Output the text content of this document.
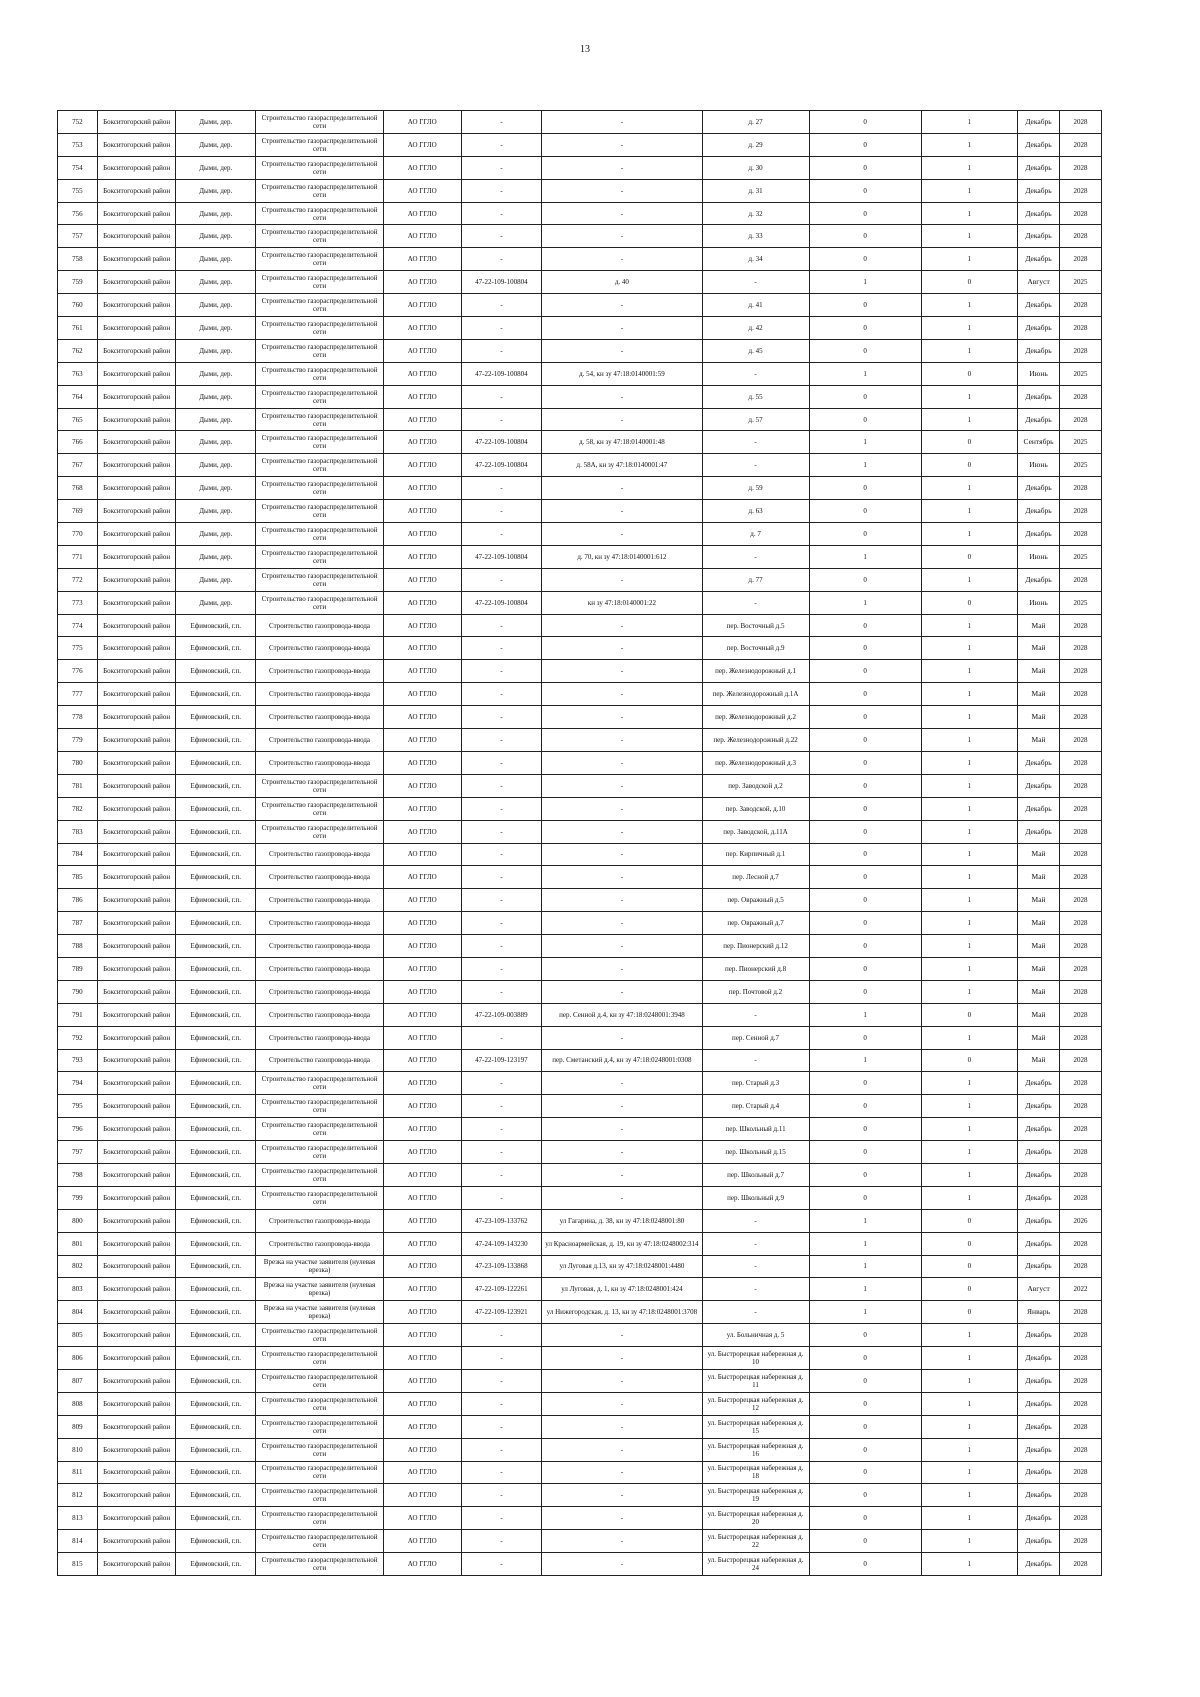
13
752	Бокситогорский район	Дыми, дер.	Строительство газораспределительной сети	АО ГГЛО	-	-	д. 27	0	1	Декабрь	2028
753	Бокситогорский район	Дыми, дер.	Строительство газораспределительной сети	АО ГГЛО	-	-	д. 29	0	1	Декабрь	2028
754	Бокситогорский район	Дыми, дер.	Строительство газораспределительной сети	АО ГГЛО	-	-	д. 30	0	1	Декабрь	2028
755	Бокситогорский район	Дыми, дер.	Строительство газораспределительной сети	АО ГГЛО	-	-	д. 31	0	1	Декабрь	2028
756	Бокситогорский район	Дыми, дер.	Строительство газораспределительной сети	АО ГГЛО	-	-	д. 32	0	1	Декабрь	2028
757	Бокситогорский район	Дыми, дер.	Строительство газораспределительной сети	АО ГГЛО	-	-	д. 33	0	1	Декабрь	2028
758	Бокситогорский район	Дыми, дер.	Строительство газораспределительной сети	АО ГГЛО	-	-	д. 34	0	1	Декабрь	2028
759	Бокситогорский район	Дыми, дер.	Строительство газораспределительной сети	АО ГГЛО	47-22-109-100804	д. 40	-	1	0	Август	2025
760	Бокситогорский район	Дыми, дер.	Строительство газораспределительной сети	АО ГГЛО	-	-	д. 41	0	1	Декабрь	2028
761	Бокситогорский район	Дыми, дер.	Строительство газораспределительной сети	АО ГГЛО	-	-	д. 42	0	1	Декабрь	2028
762	Бокситогорский район	Дыми, дер.	Строительство газораспределительной сети	АО ГГЛО	-	-	д. 45	0	1	Декабрь	2028
763	Бокситогорский район	Дыми, дер.	Строительство газораспределительной сети	АО ГГЛО	47-22-109-100804	д. 54, кн зу 47:18:0140001:59	-	1	0	Июнь	2025
764	Бокситогорский район	Дыми, дер.	Строительство газораспределительной сети	АО ГГЛО	-	-	д. 55	0	1	Декабрь	2028
765	Бокситогорский район	Дыми, дер.	Строительство газораспределительной сети	АО ГГЛО	-	-	д. 57	0	1	Декабрь	2028
766	Бокситогорский район	Дыми, дер.	Строительство газораспределительной сети	АО ГГЛО	47-22-109-100804	д. 58, кн зу 47:18:0140001:48	-	1	0	Сентябрь	2025
767	Бокситогорский район	Дыми, дер.	Строительство газораспределительной сети	АО ГГЛО	47-22-109-100804	д. 58А, кн зу 47:18:0140001:47	-	1	0	Июнь	2025
768	Бокситогорский район	Дыми, дер.	Строительство газораспределительной сети	АО ГГЛО	-	-	д. 59	0	1	Декабрь	2028
769	Бокситогорский район	Дыми, дер.	Строительство газораспределительной сети	АО ГГЛО	-	-	д. 63	0	1	Декабрь	2028
770	Бокситогорский район	Дыми, дер.	Строительство газораспределительной сети	АО ГГЛО	-	-	д. 7	0	1	Декабрь	2028
771	Бокситогорский район	Дыми, дер.	Строительство газораспределительной сети	АО ГГЛО	47-22-109-100804	д. 70, кн зу 47:18:0140001:612	-	1	0	Июнь	2025
772	Бокситогорский район	Дыми, дер.	Строительство газораспределительной сети	АО ГГЛО	-	-	д. 77	0	1	Декабрь	2028
773	Бокситогорский район	Дыми, дер.	Строительство газораспределительной сети	АО ГГЛО	47-22-109-100804	кн зу 47:18:0140001:22	-	1	0	Июнь	2025
774	Бокситогорский район	Ефимовский, г.п.	Строительство газопровода-ввода	АО ГГЛО	-	-	пер. Восточный д.5	0	1	Май	2028
775	Бокситогорский район	Ефимовский, г.п.	Строительство газопровода-ввода	АО ГГЛО	-	-	пер. Восточный д.9	0	1	Май	2028
776	Бокситогорский район	Ефимовский, г.п.	Строительство газопровода-ввода	АО ГГЛО	-	-	пер. Железнодорожный д.1	0	1	Май	2028
777	Бокситогорский район	Ефимовский, г.п.	Строительство газопровода-ввода	АО ГГЛО	-	-	пер. Железнодорожный д.1А	0	1	Май	2028
778	Бокситогорский район	Ефимовский, г.п.	Строительство газопровода-ввода	АО ГГЛО	-	-	пер. Железнодорожный д.2	0	1	Май	2028
779	Бокситогорский район	Ефимовский, г.п.	Строительство газопровода-ввода	АО ГГЛО	-	-	пер. Железнодорожный д.22	0	1	Май	2028
780	Бокситогорский район	Ефимовский, г.п.	Строительство газопровода-ввода	АО ГГЛО	-	-	пер. Железнодорожный д.3	0	1	Декабрь	2028
781	Бокситогорский район	Ефимовский, г.п.	Строительство газораспределительной сети	АО ГГЛО	-	-	пер. Заводской д.2	0	1	Декабрь	2028
782	Бокситогорский район	Ефимовский, г.п.	Строительство газораспределительной сети	АО ГГЛО	-	-	пер. Заводской, д.10	0	1	Декабрь	2028
783	Бокситогорский район	Ефимовский, г.п.	Строительство газораспределительной сети	АО ГГЛО	-	-	пер. Заводской, д.11А	0	1	Декабрь	2028
784	Бокситогорский район	Ефимовский, г.п.	Строительство газопровода-ввода	АО ГГЛО	-	-	пер. Кирпичный д.1	0	1	Май	2028
785	Бокситогорский район	Ефимовский, г.п.	Строительство газопровода-ввода	АО ГГЛО	-	-	пер. Лесной д.7	0	1	Май	2028
786	Бокситогорский район	Ефимовский, г.п.	Строительство газопровода-ввода	АО ГГЛО	-	-	пер. Овражный д.5	0	1	Май	2028
787	Бокситогорский район	Ефимовский, г.п.	Строительство газопровода-ввода	АО ГГЛО	-	-	пер. Овражный д.7	0	1	Май	2028
788	Бокситогорский район	Ефимовский, г.п.	Строительство газопровода-ввода	АО ГГЛО	-	-	пер. Пионерский д.12	0	1	Май	2028
789	Бокситогорский район	Ефимовский, г.п.	Строительство газопровода-ввода	АО ГГЛО	-	-	пер. Пионерский д.8	0	1	Май	2028
790	Бокситогорский район	Ефимовский, г.п.	Строительство газопровода-ввода	АО ГГЛО	-	-	пер. Почтовой д.2	0	1	Май	2028
791	Бокситогорский район	Ефимовский, г.п.	Строительство газопровода-ввода	АО ГГЛО	47-22-109-003889	пер. Сенной д.4, кн зу 47:18:0248001:3948	-	1	0	Май	2028
792	Бокситогорский район	Ефимовский, г.п.	Строительство газопровода-ввода	АО ГГЛО	-	-	пер. Сенной д.7	0	1	Май	2028
793	Бокситогорский район	Ефимовский, г.п.	Строительство газопровода-ввода	АО ГГЛО	47-22-109-123197	пер. Сметанский д.4, кн зу 47:18:0248001:0308	-	1	0	Май	2028
794	Бокситогорский район	Ефимовский, г.п.	Строительство газораспределительной сети	АО ГГЛО	-	-	пер. Старый д.3	0	1	Декабрь	2028
795	Бокситогорский район	Ефимовский, г.п.	Строительство газораспределительной сети	АО ГГЛО	-	-	пер. Старый д.4	0	1	Декабрь	2028
796	Бокситогорский район	Ефимовский, г.п.	Строительство газораспределительной сети	АО ГГЛО	-	-	пер. Школьный д.11	0	1	Декабрь	2028
797	Бокситогорский район	Ефимовский, г.п.	Строительство газораспределительной сети	АО ГГЛО	-	-	пер. Школьный д.15	0	1	Декабрь	2028
798	Бокситогорский район	Ефимовский, г.п.	Строительство газораспределительной сети	АО ГГЛО	-	-	пер. Школьный д.7	0	1	Декабрь	2028
799	Бокситогорский район	Ефимовский, г.п.	Строительство газораспределительной сети	АО ГГЛО	-	-	пер. Школьный д.9	0	1	Декабрь	2028
800	Бокситогорский район	Ефимовский, г.п.	Строительство газопровода-ввода	АО ГГЛО	47-23-109-133762	ул Гагарина, д. 38, кн зу 47:18:0248001:80	-	1	0	Декабрь	2026
801	Бокситогорский район	Ефимовский, г.п.	Строительство газопровода-ввода	АО ГГЛО	47-24-109-143230	ул Красноармейская, д. 19, кн зу 47:18:0248002:314	-	1	0	Декабрь	2028
802	Бокситогорский район	Ефимовский, г.п.	Врезка на участке заявителя (нулевая врезка)	АО ГГЛО	47-23-109-133868	ул Луговая д.13, кн зу 47:18:0248001:4480	-	1	0	Декабрь	2028
803	Бокситогорский район	Ефимовский, г.п.	Врезка на участке заявителя (нулевая врезка)	АО ГГЛО	47-22-109-122261	ул Луговая, д. 1, кн зу 47:18:0248001:424	-	1	0	Август	2022
804	Бокситогорский район	Ефимовский, г.п.	Врезка на участке заявителя (нулевая врезка)	АО ГГЛО	47-22-109-123921	ул Нижегородская, д. 13, кн зу 47:18:0248001:3708	-	1	0	Январь	2028
805	Бокситогорский район	Ефимовский, г.п.	Строительство газораспределительной сети	АО ГГЛО	-	-	ул. Больничная д. 5	0	1	Декабрь	2028
806	Бокситогорский район	Ефимовский, г.п.	Строительство газораспределительной сети	АО ГГЛО	-	-	ул. Быстрорецкая набережная д. 10	0	1	Декабрь	2028
807	Бокситогорский район	Ефимовский, г.п.	Строительство газораспределительной сети	АО ГГЛО	-	-	ул. Быстрорецкая набережная д. 11	0	1	Декабрь	2028
808	Бокситогорский район	Ефимовский, г.п.	Строительство газораспределительной сети	АО ГГЛО	-	-	ул. Быстрорецкая набережная д. 12	0	1	Декабрь	2028
809	Бокситогорский район	Ефимовский, г.п.	Строительство газораспределительной сети	АО ГГЛО	-	-	ул. Быстрорецкая набережная д. 15	0	1	Декабрь	2028
810	Бокситогорский район	Ефимовский, г.п.	Строительство газораспределительной сети	АО ГГЛО	-	-	ул. Быстрорецкая набережная д. 16	0	1	Декабрь	2028
811	Бокситогорский район	Ефимовский, г.п.	Строительство газораспределительной сети	АО ГГЛО	-	-	ул. Быстрорецкая набережная д. 18	0	1	Декабрь	2028
812	Бокситогорский район	Ефимовский, г.п.	Строительство газораспределительной сети	АО ГГЛО	-	-	ул. Быстрорецкая набережная д. 19	0	1	Декабрь	2028
813	Бокситогорский район	Ефимовский, г.п.	Строительство газораспределительной сети	АО ГГЛО	-	-	ул. Быстрорецкая набережная д. 20	0	1	Декабрь	2028
814	Бокситогорский район	Ефимовский, г.п.	Строительство газораспределительной сети	АО ГГЛО	-	-	ул. Быстрорецкая набережная д. 22	0	1	Декабрь	2028
815	Бокситогорский район	Ефимовский, г.п.	Строительство газораспределительной сети	АО ГГЛО	-	-	ул. Быстрорецкая набережная д. 24	0	1	Декабрь	2028
